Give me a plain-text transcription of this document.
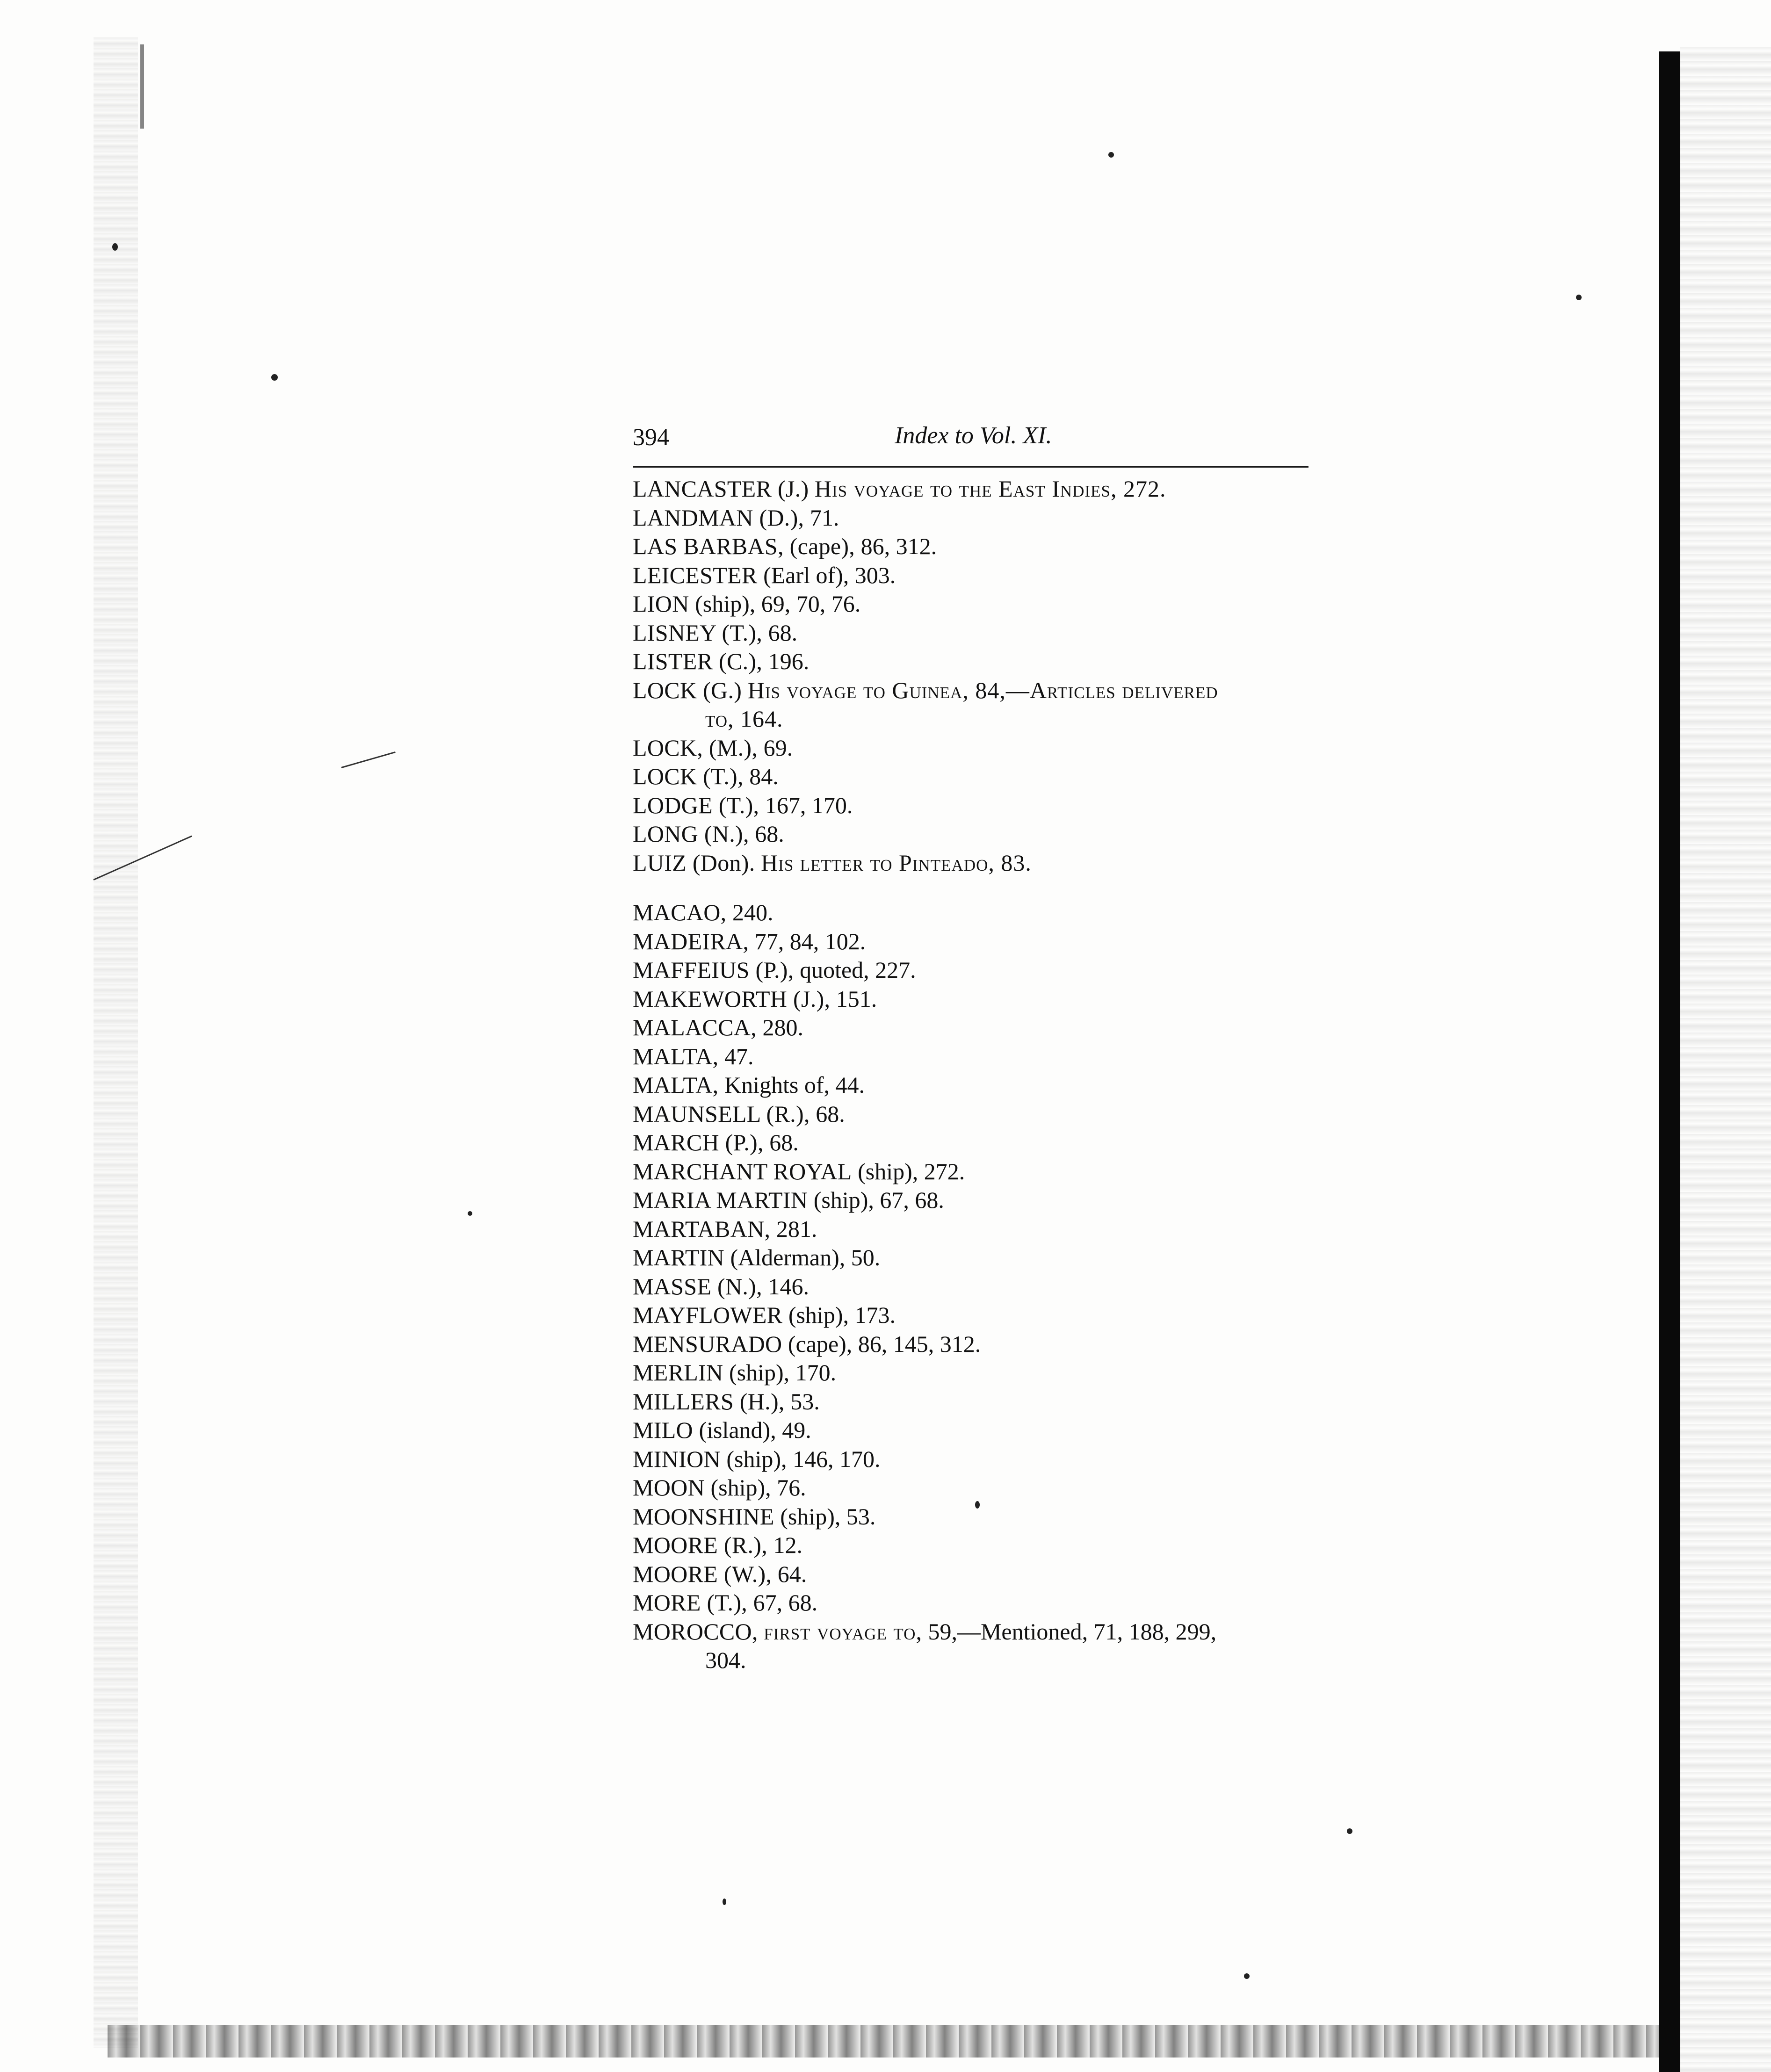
394	Index to Vol. XI.
LANCASTER (J.) His voyage to the East Indies, 272.
LANDMAN (D.), 71.
LAS BARBAS, (cape), 86, 312.
LEICESTER (Earl of), 303.
LION (ship), 69, 70, 76.
LISNEY (T.), 68.
LISTER (C.), 196.
LOCK (G.) His voyage to Guinea, 84,—Articles delivered
to, 164.
LOCK, (M.), 69.
LOCK (T.), 84.
LODGE (T.), 167, 170.
LONG (N.), 68.
LUIZ (Don). His letter to Pinteado, 83.
MACAO, 240.
MADEIRA, 77, 84, 102.
MAFFEIUS (P.), quoted, 227.
MAKEWORTH (J.), 151.
MALACCA, 280.
MALTA, 47.
MALTA, Knights of, 44.
MAUNSELL (R.), 68.
MARCH (P.), 68.
MARCHANT ROYAL (ship), 272.
MARIA MARTIN (ship), 67, 68.
MARTABAN, 281.
MARTIN (Alderman), 50.
MASSE (N.), 146.
MAYFLOWER (ship), 173.
MENSURADO (cape), 86, 145, 312.
MERLIN (ship), 170.
MILLERS (H.), 53.
MILO (island), 49.
MINION (ship), 146, 170.
MOON (ship), 76.
MOONSHINE (ship), 53.
MOORE (R.), 12.
MOORE (W.), 64.
MORE (T.), 67, 68.
MOROCCO, first voyage to, 59,—Mentioned, 71, 188, 299,
304.
